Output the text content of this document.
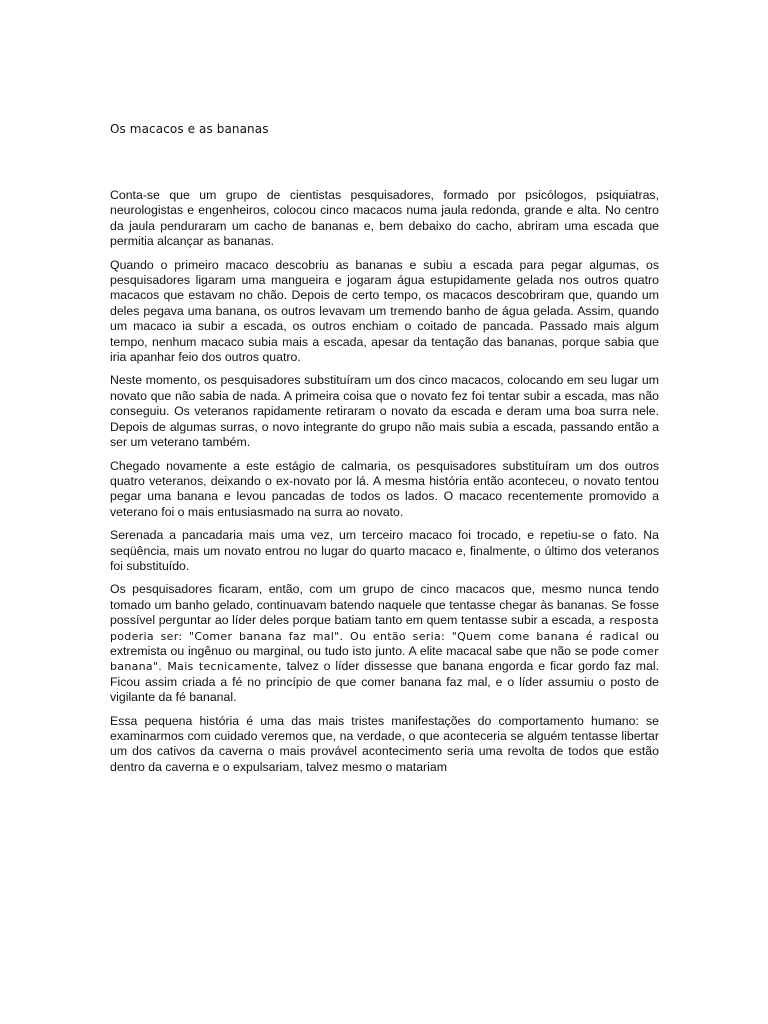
Os macacos e as bananas

Conta-se que um grupo de cientistas pesquisadores, formado por psicólogos, psiquiatras, neurologistas e engenheiros, colocou cinco macacos numa jaula redonda, grande e alta. No centro da jaula penduraram um cacho de bananas e, bem debaixo do cacho, abriram uma escada que permitia alcançar as bananas.

Quando o primeiro macaco descobriu as bananas e subiu a escada para pegar algumas, os pesquisadores ligaram uma mangueira e jogaram água estupidamente gelada nos outros quatro macacos que estavam no chão. Depois de certo tempo, os macacos descobriram que, quando um deles pegava uma banana, os outros levavam um tremendo banho de água gelada. Assim, quando um macaco ia subir a escada, os outros enchiam o coitado de pancada. Passado mais algum tempo, nenhum macaco subia mais a escada, apesar da tentação das bananas, porque sabia que iria apanhar feio dos outros quatro.

Neste momento, os pesquisadores substituíram um dos cinco macacos, colocando em seu lugar um novato que não sabia de nada. A primeira coisa que o novato fez foi tentar subir a escada, mas não conseguiu. Os veteranos rapidamente retiraram o novato da escada e deram uma boa surra nele. Depois de algumas surras, o novo integrante do grupo não mais subia a escada, passando então a ser um veterano também.

Chegado novamente a este estágio de calmaria, os pesquisadores substituíram um dos outros quatro veteranos, deixando o ex-novato por lá. A mesma história então aconteceu, o novato tentou pegar uma banana e levou pancadas de todos os lados. O macaco recentemente promovido a veterano foi o mais entusiasmado na surra ao novato.

Serenada a pancadaria mais uma vez, um terceiro macaco foi trocado, e repetiu-se o fato. Na seqüência, mais um novato entrou no lugar do quarto macaco e, finalmente, o último dos veteranos foi substituído.

Os pesquisadores ficaram, então, com um grupo de cinco macacos que, mesmo nunca tendo tomado um banho gelado, continuavam batendo naquele que tentasse chegar às bananas. Se fosse possível perguntar ao líder deles porque batiam tanto em quem tentasse subir a escada, a resposta poderia ser: "Comer banana faz mal". Ou então seria: "Quem come banana é radical ou extremista ou ingênuo ou marginal, ou tudo isto junto. A elite macacal sabe que não se pode comer banana". Mais tecnicamente, talvez o líder dissesse que banana engorda e ficar gordo faz mal. Ficou assim criada a fé no princípio de que comer banana faz mal, e o líder assumiu o posto de vigilante da fé bananal.

Essa pequena história é uma das mais tristes manifestações do comportamento humano: se examinarmos com cuidado veremos que, na verdade, o que aconteceria se alguém tentasse libertar um dos cativos da caverna o mais provável acontecimento seria uma revolta de todos que estão dentro da caverna e o expulsariam, talvez mesmo o matariam
